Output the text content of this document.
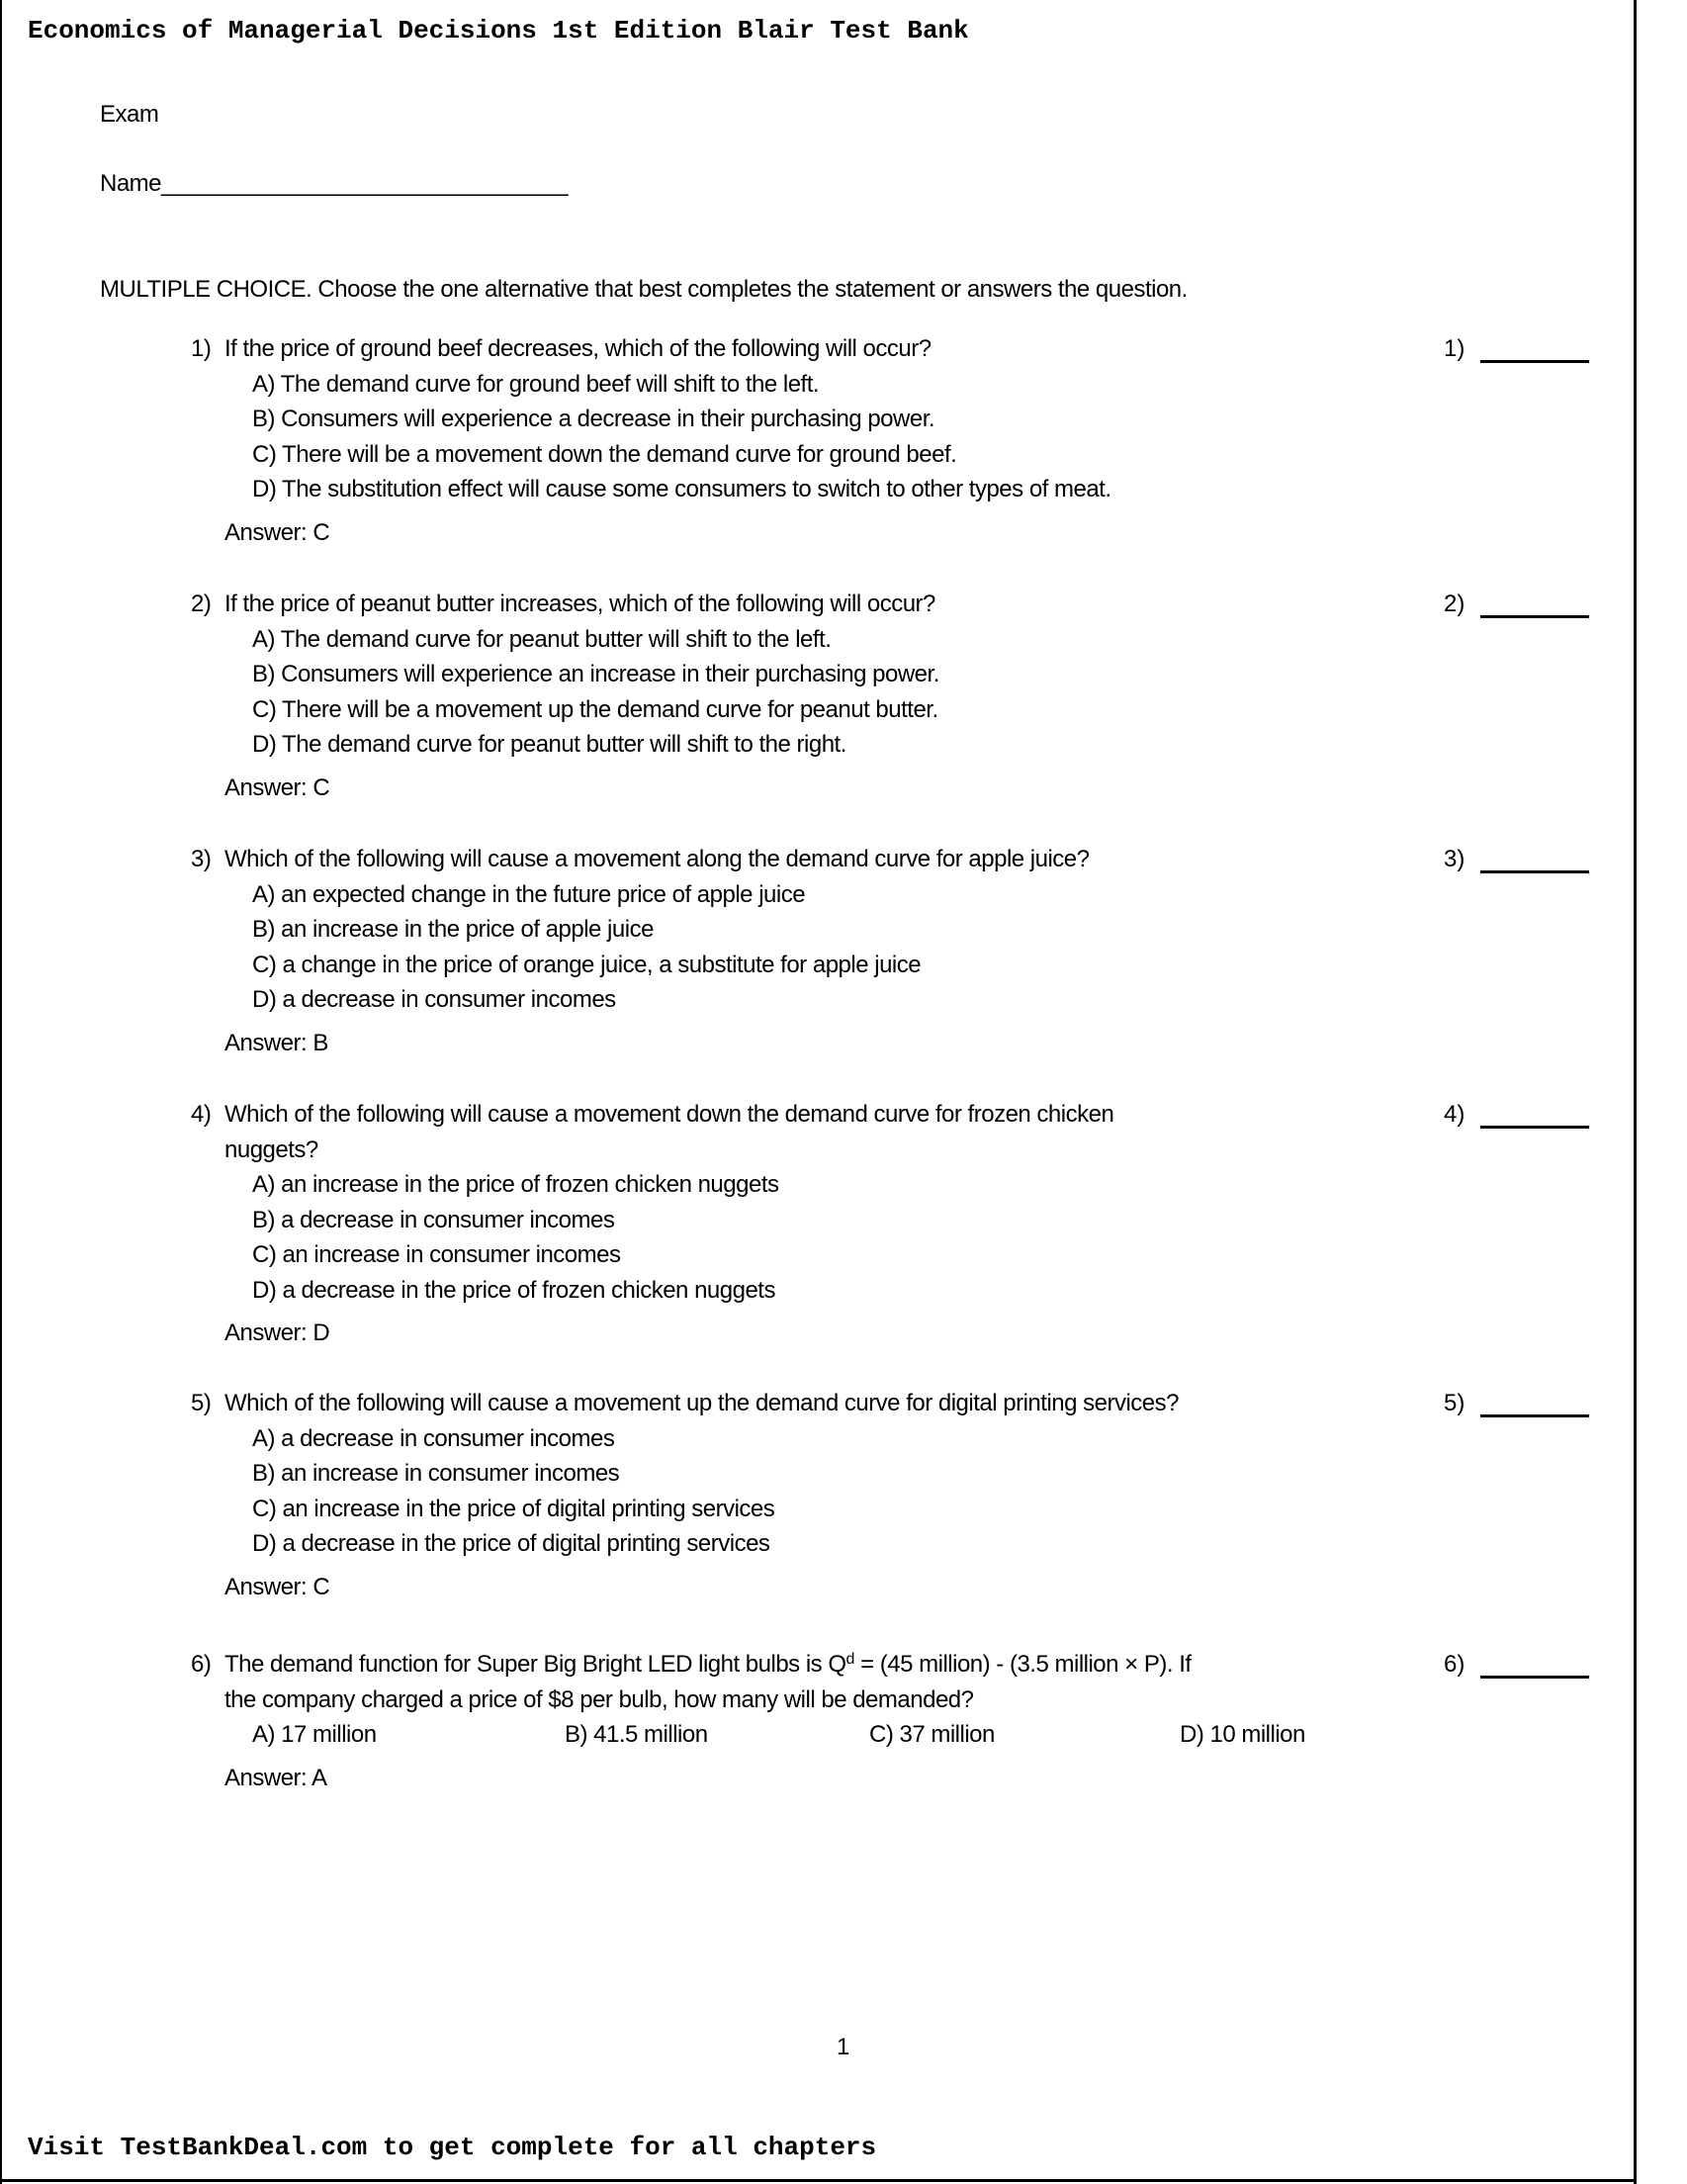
Economics of Managerial Decisions 1st Edition Blair Test Bank
Exam
Name________________________________
MULTIPLE CHOICE. Choose the one alternative that best completes the statement or answers the question.
1) If the price of ground beef decreases, which of the following will occur?
A) The demand curve for ground beef will shift to the left.
B) Consumers will experience a decrease in their purchasing power.
C) There will be a movement down the demand curve for ground beef.
D) The substitution effect will cause some consumers to switch to other types of meat.
Answer: C
1)
2) If the price of peanut butter increases, which of the following will occur?
A) The demand curve for peanut butter will shift to the left.
B) Consumers will experience an increase in their purchasing power.
C) There will be a movement up the demand curve for peanut butter.
D) The demand curve for peanut butter will shift to the right.
Answer: C
2)
3) Which of the following will cause a movement along the demand curve for apple juice?
A) an expected change in the future price of apple juice
B) an increase in the price of apple juice
C) a change in the price of orange juice, a substitute for apple juice
D) a decrease in consumer incomes
Answer: B
3)
4) Which of the following will cause a movement down the demand curve for frozen chicken
nuggets?
A) an increase in the price of frozen chicken nuggets
B) a decrease in consumer incomes
C) an increase in consumer incomes
D) a decrease in the price of frozen chicken nuggets
Answer: D
4)
5) Which of the following will cause a movement up the demand curve for digital printing services?
A) a decrease in consumer incomes
B) an increase in consumer incomes
C) an increase in the price of digital printing services
D) a decrease in the price of digital printing services
Answer: C
5)
6) The demand function for Super Big Bright LED light bulbs is $Q^d = (45$ million) - (3.5 million × P). If
the company charged a price of $8 per bulb, how many will be demanded?
A) 17 million	B) 41.5 million	C) 37 million	D) 10 million
Answer: A
6)
1
Visit TestBankDeal.com to get complete for all chapters
